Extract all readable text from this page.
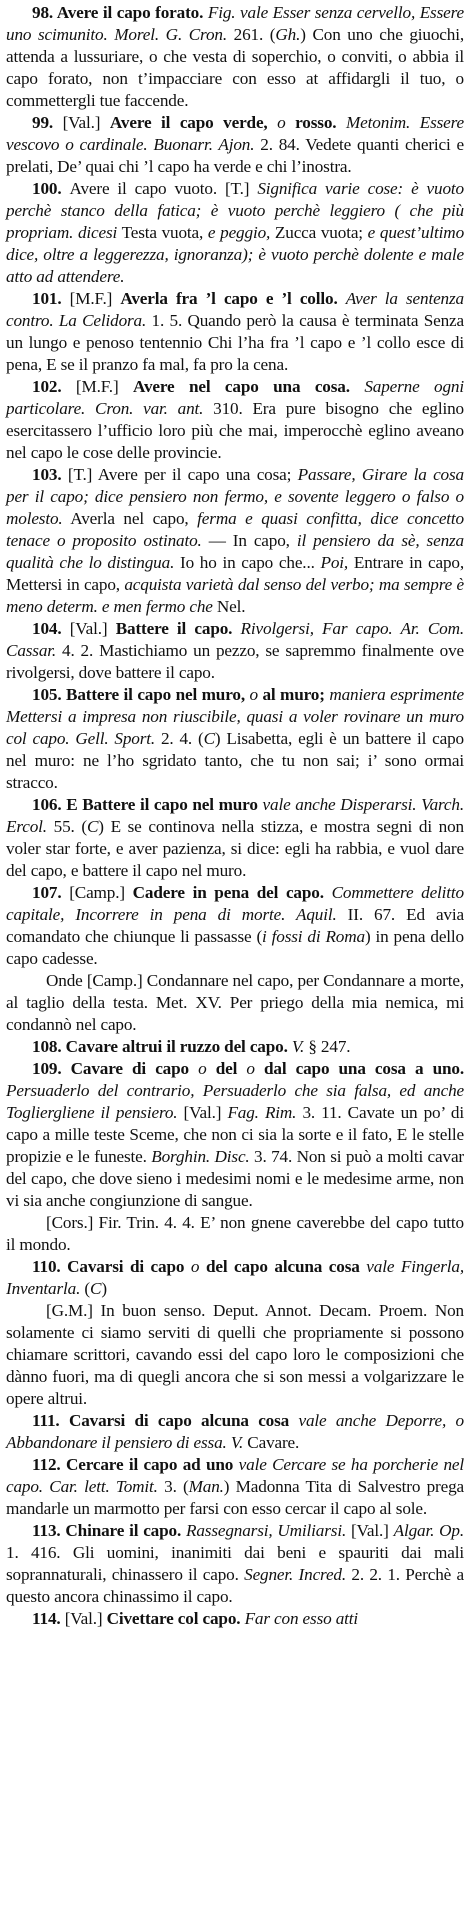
98. Avere il capo forato. Fig. vale Esser senza cervello, Essere uno scimunito. Morel. G. Cron. 261. (Gh.) Con uno che giuochi, attenda a lussuriare, o che vesta di soperchio, o conviti, o abbia il capo forato, non t’impacciare con esso at affidargli il tuo, o commettergli tue faccende.

99. [Val.] Avere il capo verde, o rosso. Metonim. Essere vescovo o cardinale. Buonarr. Ajon. 2. 84. Vedete quanti cherici e prelati, De’ quai chi ’l capo ha verde e chi l’inostra.

100. Avere il capo vuoto. [T.] Significa varie cose: è vuoto perchè stanco della fatica; è vuoto perchè leggiero ( che più propriam. dicesi Testa vuota, e peggio, Zucca vuota; e quest’ultimo dice, oltre a leggerezza, ignoranza); è vuoto perchè dolente e male atto ad attendere.

101. [M.F.] Averla fra ’l capo e ’l collo. Aver la sentenza contro. La Celidora. 1. 5. Quando però la causa è terminata Senza un lungo e penoso tentennio Chi l’ha fra ’l capo e ’l collo esce di pena, E se il pranzo fa mal, fa pro la cena.

102. [M.F.] Avere nel capo una cosa. Saperne ogni particolare. Cron. var. ant. 310. Era pure bisogno che eglino esercitassero l’ufficio loro più che mai, imperocchè eglino aveano nel capo le cose delle provincie.

103. [T.] Avere per il capo una cosa; Passare, Girare la cosa per il capo; dice pensiero non fermo, e sovente leggero o falso o molesto. Averla nel capo, ferma e quasi confitta, dice concetto tenace o proposito ostinato. — In capo, il pensiero da sè, senza qualità che lo distingua. Io ho in capo che... Poi, Entrare in capo, Mettersi in capo, acquista varietà dal senso del verbo; ma sempre è meno determ. e men fermo che Nel.

104. [Val.] Battere il capo. Rivolgersi, Far capo. Ar. Com. Cassar. 4. 2. Mastichiamo un pezzo, se sapremmo finalmente ove rivolgersi, dove battere il capo.

105. Battere il capo nel muro, o al muro; maniera esprimente Mettersi a impresa non riuscibile, quasi a voler rovinare un muro col capo. Gell. Sport. 2. 4. (C) Lisabetta, egli è un battere il capo nel muro: ne l’ho sgridato tanto, che tu non sai; i’ sono ormai stracco.

106. E Battere il capo nel muro vale anche Disperarsi. Varch. Ercol. 55. (C) E se continova nella stizza, e mostra segni di non voler star forte, e aver pazienza, si dice: egli ha rabbia, e vuol dare del capo, e battere il capo nel muro.

107. [Camp.] Cadere in pena del capo. Commettere delitto capitale, Incorrere in pena di morte. Aquil. II. 67. Ed avia comandato che chiunque li passasse (i fossi di Roma) in pena dello capo cadesse.

Onde [Camp.] Condannare nel capo, per Condannare a morte, al taglio della testa. Met. XV. Per priego della mia nemica, mi condannò nel capo.

108. Cavare altrui il ruzzo del capo. V. § 247.

109. Cavare di capo o del o dal capo una cosa a uno. Persuaderlo del contrario, Persuaderlo che sia falsa, ed anche Togliergliene il pensiero. [Val.] Fag. Rim. 3. 11. Cavate un po’ di capo a mille teste Sceme, che non ci sia la sorte e il fato, E le stelle propizie e le funeste. Borghin. Disc. 3. 74. Non si può a molti cavar del capo, che dove sieno i medesimi nomi e le medesime arme, non vi sia anche congiunzione di sangue.

[Cors.] Fir. Trin. 4. 4. E’ non gnene caverebbe del capo tutto il mondo.

110. Cavarsi di capo o del capo alcuna cosa vale Fingerla, Inventarla. (C)

[G.M.] In buon senso. Deput. Annot. Decam. Proem. Non solamente ci siamo serviti di quelli che propriamente si possono chiamare scrittori, cavando essi del capo loro le composizioni che dànno fuori, ma di quegli ancora che si son messi a volgarizzare le opere altrui.

111. Cavarsi di capo alcuna cosa vale anche Deporre, o Abbandonare il pensiero di essa. V. Cavare.

112. Cercare il capo ad uno vale Cercare se ha porcherie nel capo. Car. lett. Tomit. 3. (Man.) Madonna Tita di Salvestro prega mandarle un marmotto per farsi con esso cercar il capo al sole.

113. Chinare il capo. Rassegnarsi, Umiliarsi. [Val.] Algar. Op. 1. 416. Gli uomini, inanimiti dai beni e spauriti dai mali soprannaturali, chinassero il capo. Segner. Incred. 2. 2. 1. Perchè a questo ancora chinassimo il capo.

114. [Val.] Civettare col capo. Far con esso atti
